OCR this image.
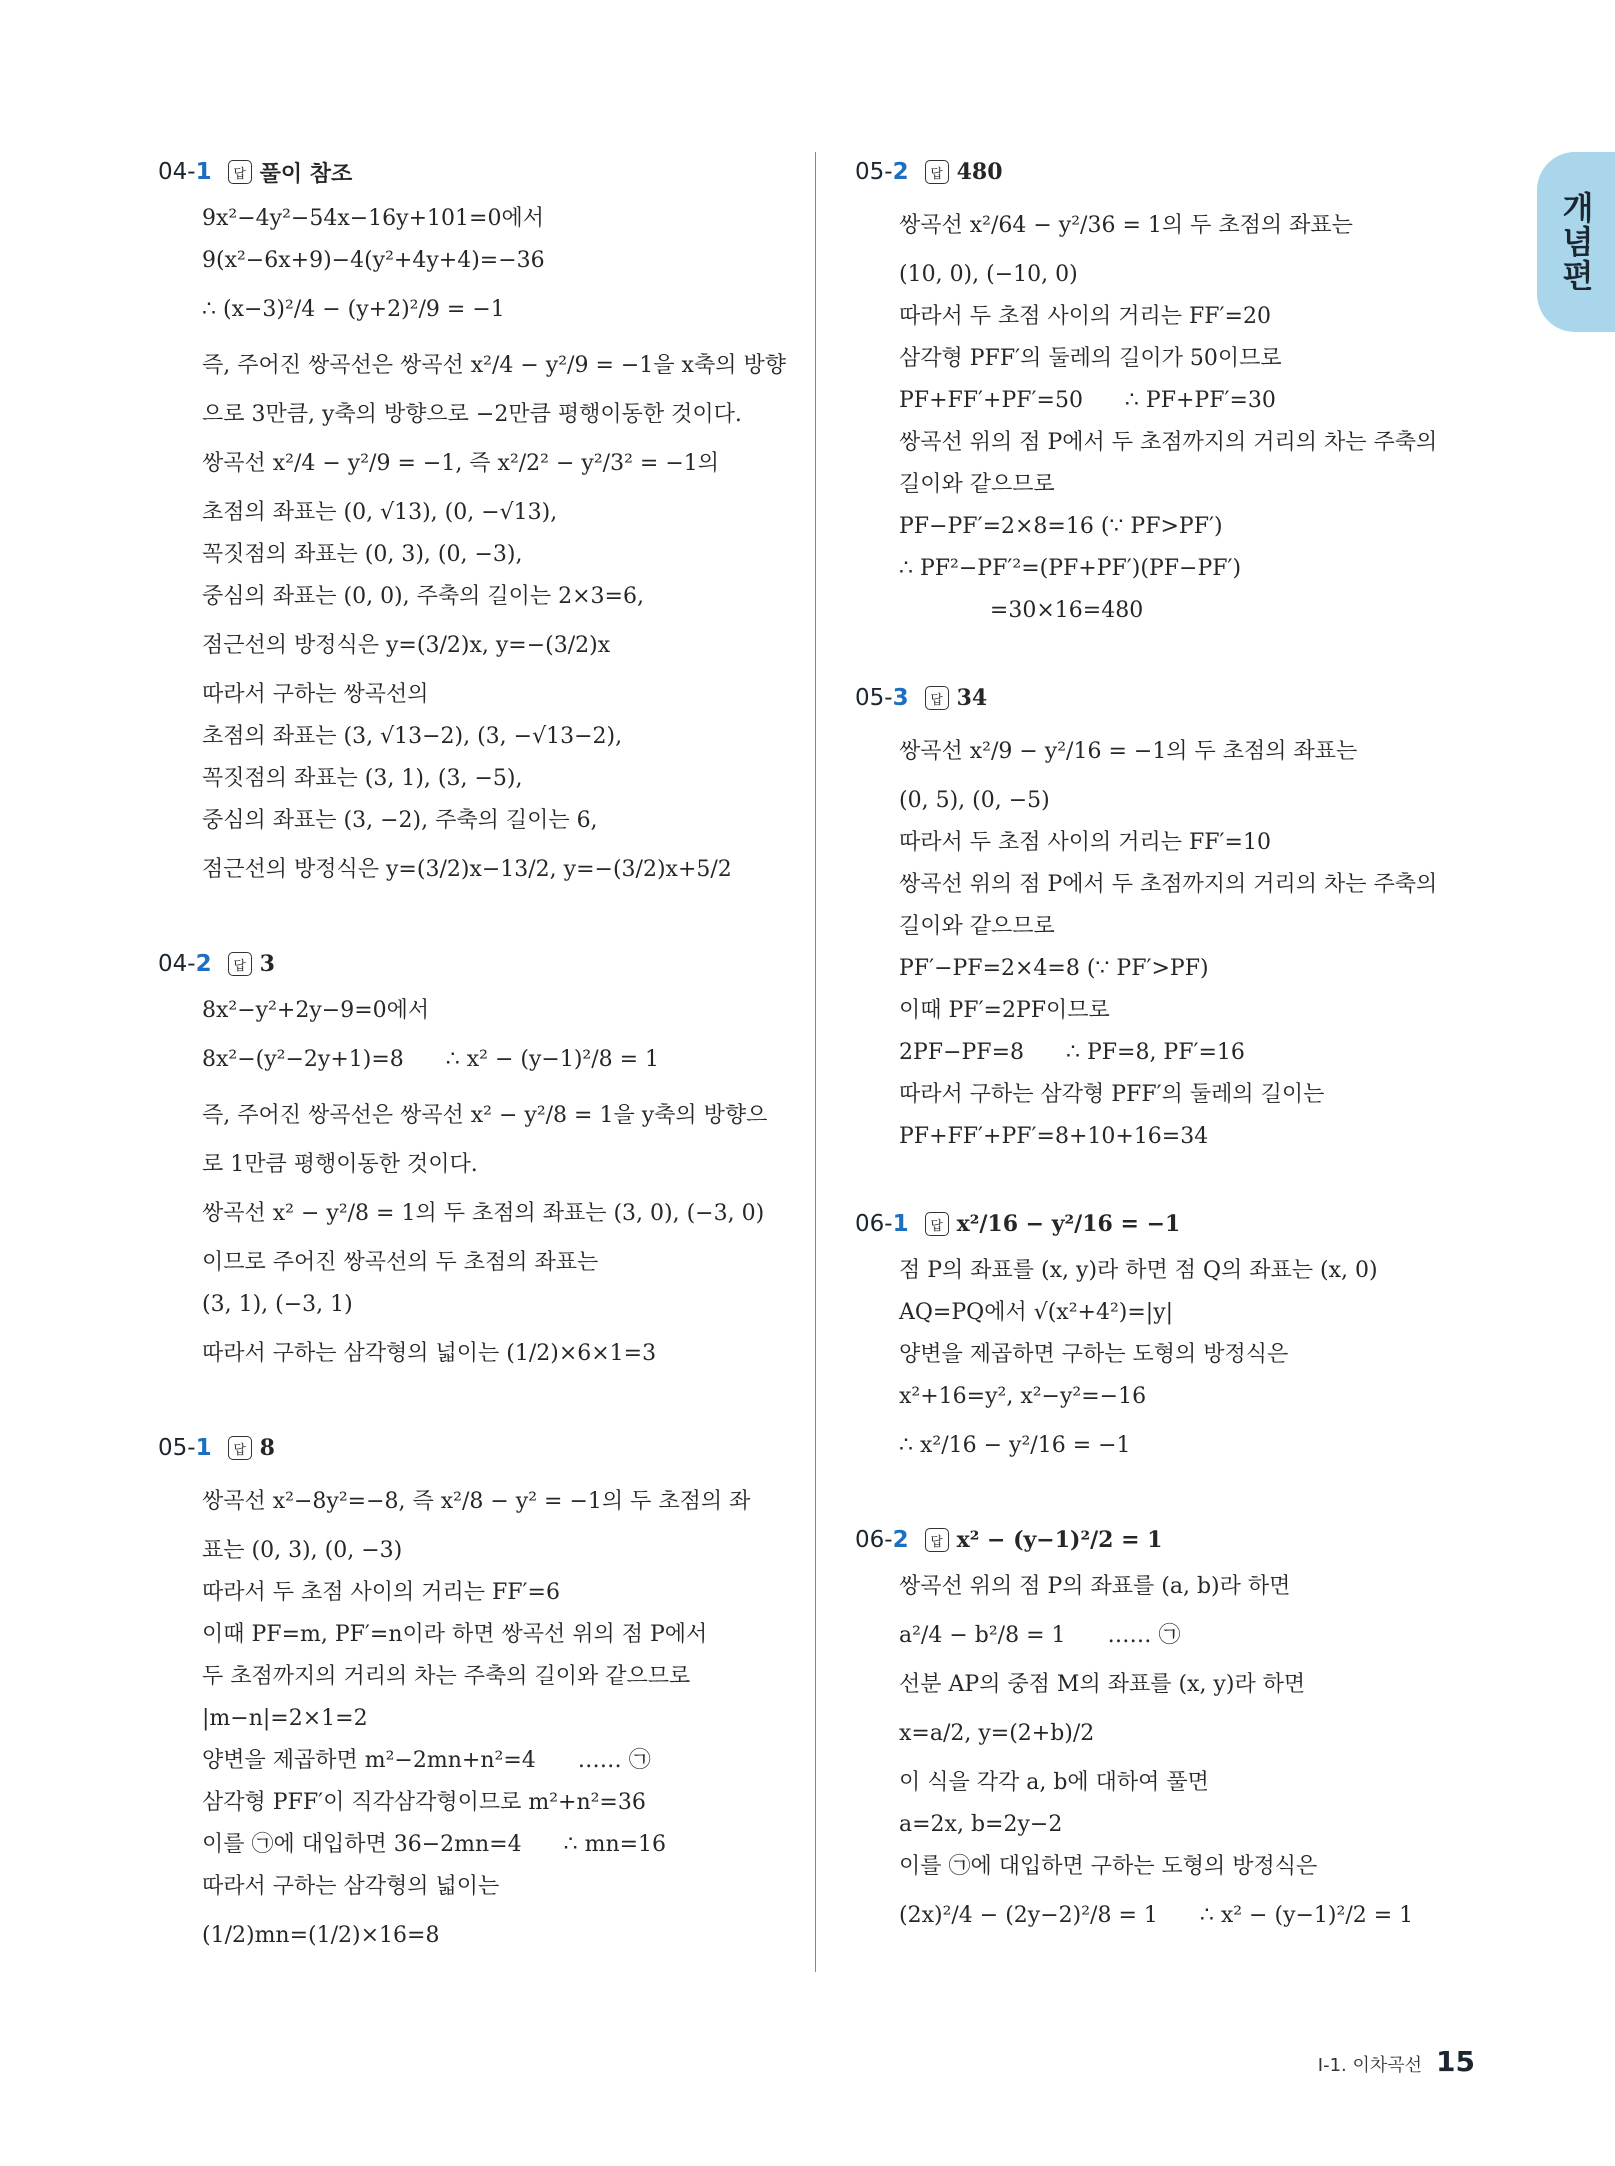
개념편
04-1	답 풀이 참조
9x²−4y²−54x−16y+101=0에서
9(x²−6x+9)−4(y²+4y+4)=−36
∴ (x−3)²/4 − (y+2)²/9 = −1
즉, 주어진 쌍곡선은 쌍곡선 x²/4 − y²/9 = −1을 x축의 방향
으로 3만큼, y축의 방향으로 −2만큼 평행이동한 것이다.
쌍곡선 x²/4 − y²/9 = −1, 즉 x²/2² − y²/3² = −1의
초점의 좌표는 (0, √13), (0, −√13),
꼭짓점의 좌표는 (0, 3), (0, −3),
중심의 좌표는 (0, 0), 주축의 길이는 2×3=6,
점근선의 방정식은 y=(3/2)x, y=−(3/2)x
따라서 구하는 쌍곡선의
초점의 좌표는 (3, √13−2), (3, −√13−2),
꼭짓점의 좌표는 (3, 1), (3, −5),
중심의 좌표는 (3, −2), 주축의 길이는 6,
점근선의 방정식은 y=(3/2)x−13/2, y=−(3/2)x+5/2
04-2	답 3
8x²−y²+2y−9=0에서
8x²−(y²−2y+1)=8      ∴ x² − (y−1)²/8 = 1
즉, 주어진 쌍곡선은 쌍곡선 x² − y²/8 = 1을 y축의 방향으
로 1만큼 평행이동한 것이다.
쌍곡선 x² − y²/8 = 1의 두 초점의 좌표는 (3, 0), (−3, 0)
이므로 주어진 쌍곡선의 두 초점의 좌표는
(3, 1), (−3, 1)
따라서 구하는 삼각형의 넓이는 (1/2)×6×1=3
05-1	답 8
쌍곡선 x²−8y²=−8, 즉 x²/8 − y² = −1의 두 초점의 좌
표는 (0, 3), (0, −3)
따라서 두 초점 사이의 거리는 FF′=6
이때 PF=m, PF′=n이라 하면 쌍곡선 위의 점 P에서
두 초점까지의 거리의 차는 주축의 길이와 같으므로
|m−n|=2×1=2
양변을 제곱하면 m²−2mn+n²=4      …… ㉠
삼각형 PFF′이 직각삼각형이므로 m²+n²=36
이를 ㉠에 대입하면 36−2mn=4      ∴ mn=16
따라서 구하는 삼각형의 넓이는
(1/2)mn=(1/2)×16=8
05-2	답 480
쌍곡선 x²/64 − y²/36 = 1의 두 초점의 좌표는
(10, 0), (−10, 0)
따라서 두 초점 사이의 거리는 FF′=20
삼각형 PFF′의 둘레의 길이가 50이므로
PF+FF′+PF′=50      ∴ PF+PF′=30
쌍곡선 위의 점 P에서 두 초점까지의 거리의 차는 주축의
길이와 같으므로
PF−PF′=2×8=16 (∵ PF>PF′)
∴ PF²−PF′²=(PF+PF′)(PF−PF′)
=30×16=480
05-3	답 34
쌍곡선 x²/9 − y²/16 = −1의 두 초점의 좌표는
(0, 5), (0, −5)
따라서 두 초점 사이의 거리는 FF′=10
쌍곡선 위의 점 P에서 두 초점까지의 거리의 차는 주축의
길이와 같으므로
PF′−PF=2×4=8 (∵ PF′>PF)
이때 PF′=2PF이므로
2PF−PF=8      ∴ PF=8, PF′=16
따라서 구하는 삼각형 PFF′의 둘레의 길이는
PF+FF′+PF′=8+10+16=34
06-1	답 x²/16 − y²/16 = −1
점 P의 좌표를 (x, y)라 하면 점 Q의 좌표는 (x, 0)
AQ=PQ에서 √(x²+4²)=|y|
양변을 제곱하면 구하는 도형의 방정식은
x²+16=y², x²−y²=−16
∴ x²/16 − y²/16 = −1
06-2	답 x² − (y−1)²/2 = 1
쌍곡선 위의 점 P의 좌표를 (a, b)라 하면
a²/4 − b²/8 = 1      …… ㉠
선분 AP의 중점 M의 좌표를 (x, y)라 하면
x=a/2, y=(2+b)/2
이 식을 각각 a, b에 대하여 풀면
a=2x, b=2y−2
이를 ㉠에 대입하면 구하는 도형의 방정식은
(2x)²/4 − (2y−2)²/8 = 1      ∴ x² − (y−1)²/2 = 1
Ⅰ-1. 이차곡선 15
